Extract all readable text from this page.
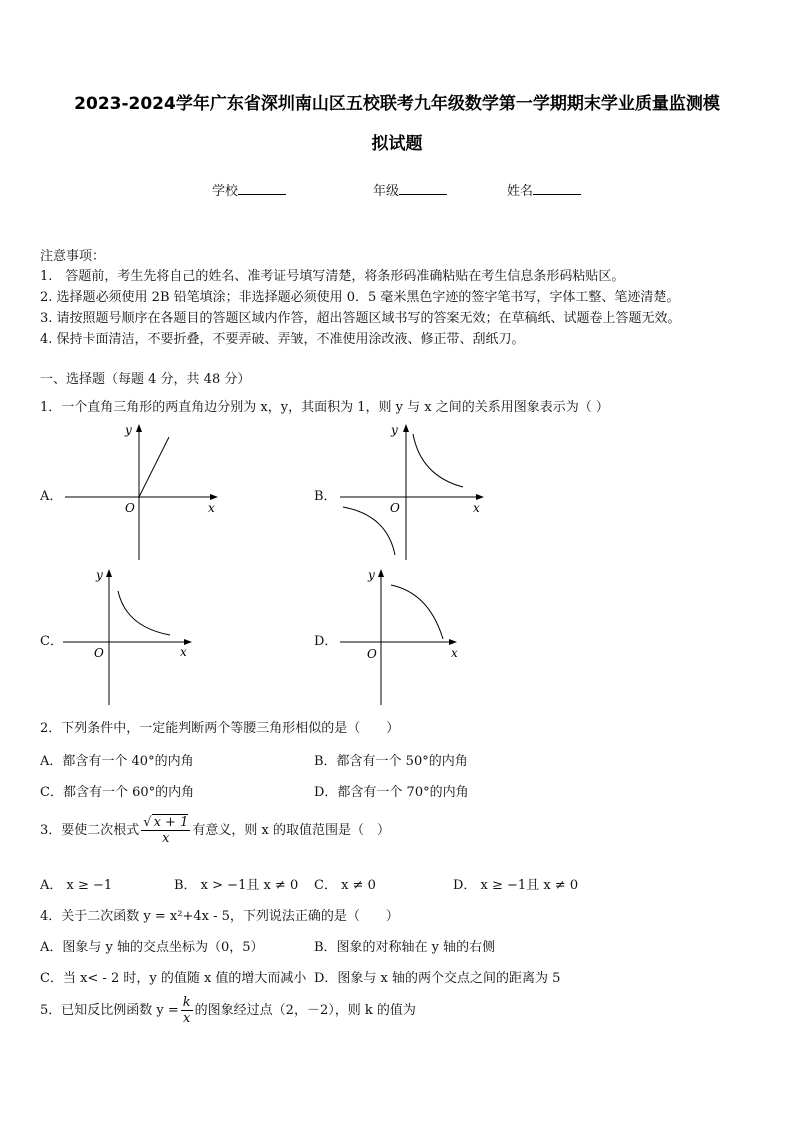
2023-2024学年广东省深圳南山区五校联考九年级数学第一学期期末学业质量监测模
拟试题
学校	年级	姓名
注意事项：
1.　答题前，考生先将自己的姓名、准考证号填写清楚，将条形码准确粘贴在考生信息条形码粘贴区。
2. 选择题必须使用 2B 铅笔填涂；非选择题必须使用 0．5 毫米黑色字迹的签字笔书写，字体工整、笔迹清楚。
3. 请按照题号顺序在各题目的答题区域内作答，超出答题区域书写的答案无效；在草稿纸、试题卷上答题无效。
4. 保持卡面清洁，不要折叠，不要弄破、弄皱，不准使用涂改液、修正带、刮纸刀。
一、选择题（每题 4 分，共 48 分）
1．一个直角三角形的两直角边分别为 x，y，其面积为 1，则 y 与 x 之间的关系用图象表示为（ ）
A．	B．
C．	D．
x
y
O	x
y
O
x
y
O	x
y
O
2．下列条件中，一定能判断两个等腰三角形相似的是（　　）
A．都含有一个 40°的内角	B．都含有一个 50°的内角
C．都含有一个 60°的内角	D．都含有一个 70°的内角
3．要使二次根式 $\frac{√ x + 1}{x}$ 有意义，则 x 的取值范围是（　）
A． x ≥ −1	B． x > −1且 x ≠ 0 C． x ≠ 0	D． x ≥ −1且 x ≠ 0
4．关于二次函数 y = x²+4x - 5，下列说法正确的是（　　）
A．图象与 y 轴的交点坐标为（0，5）	B．图象的对称轴在 y 轴的右侧
C．当 x< - 2 时，y 的值随 x 值的增大而减小 D．图象与 x 轴的两个交点之间的距离为 5
5．已知反比例函数 $y = \frac{k}{x}$ 的图象经过点（2，－2），则 k 的值为
